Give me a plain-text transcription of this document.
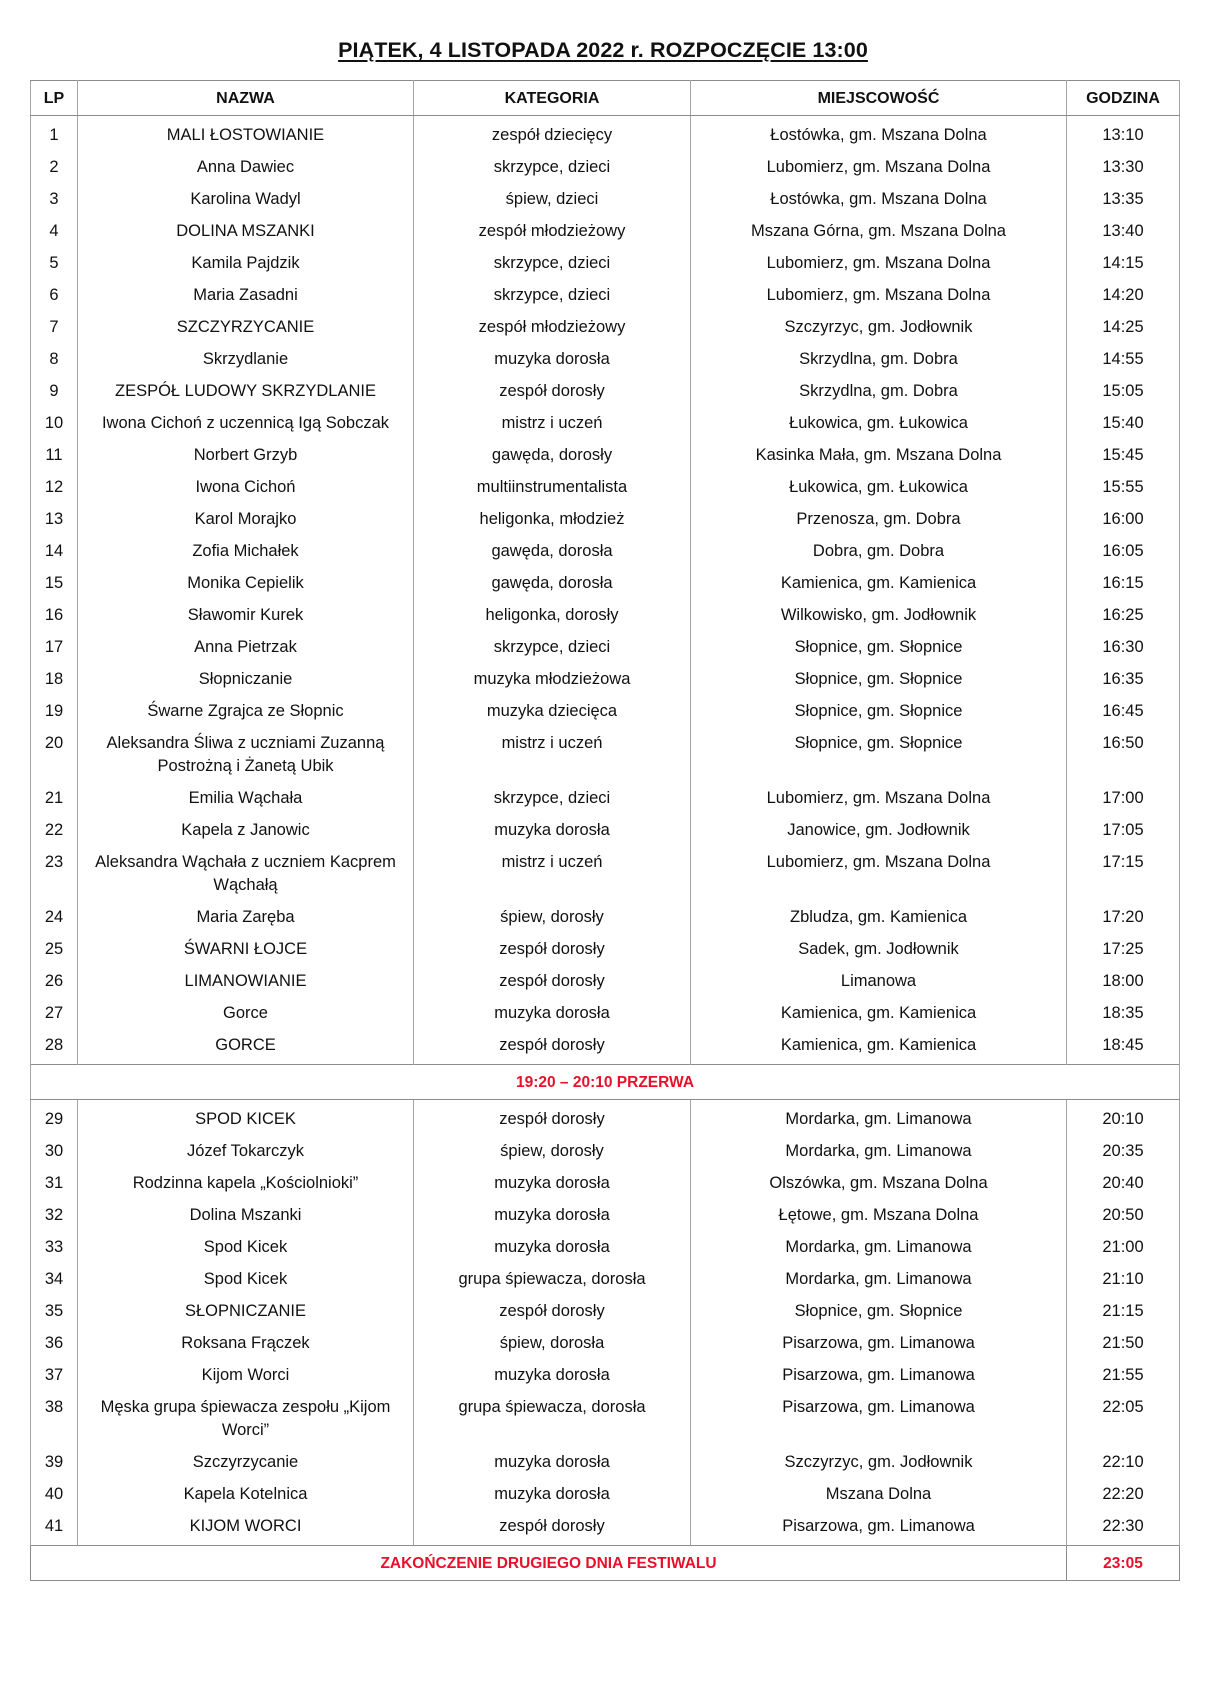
PIĄTEK, 4 LISTOPADA 2022 r. ROZPOCZĘCIE 13:00
LP	NAZWA	KATEGORIA	MIEJSCOWOŚĆ	GODZINA
1	MALI ŁOSTOWIANIE	zespół dziecięcy	Łostówka, gm. Mszana Dolna	13:10
2	Anna Dawiec	skrzypce, dzieci	Lubomierz, gm. Mszana Dolna	13:30
3	Karolina Wadyl	śpiew, dzieci	Łostówka, gm. Mszana Dolna	13:35
4	DOLINA MSZANKI	zespół młodzieżowy	Mszana Górna, gm. Mszana Dolna	13:40
5	Kamila Pajdzik	skrzypce, dzieci	Lubomierz, gm. Mszana Dolna	14:15
6	Maria Zasadni	skrzypce, dzieci	Lubomierz, gm. Mszana Dolna	14:20
7	SZCZYRZYCANIE	zespół młodzieżowy	Szczyrzyc, gm. Jodłownik	14:25
8	Skrzydlanie	muzyka dorosła	Skrzydlna, gm. Dobra	14:55
9	ZESPÓŁ LUDOWY SKRZYDLANIE	zespół dorosły	Skrzydlna, gm. Dobra	15:05
10	Iwona Cichoń z uczennicą Igą Sobczak	mistrz i uczeń	Łukowica, gm. Łukowica	15:40
11	Norbert Grzyb	gawęda, dorosły	Kasinka Mała, gm. Mszana Dolna	15:45
12	Iwona Cichoń	multiinstrumentalista	Łukowica, gm. Łukowica	15:55
13	Karol Morajko	heligonka, młodzież	Przenosza, gm. Dobra	16:00
14	Zofia Michałek	gawęda, dorosła	Dobra, gm. Dobra	16:05
15	Monika Cepielik	gawęda, dorosła	Kamienica, gm. Kamienica	16:15
16	Sławomir Kurek	heligonka, dorosły	Wilkowisko, gm. Jodłownik	16:25
17	Anna Pietrzak	skrzypce, dzieci	Słopnice, gm. Słopnice	16:30
18	Słopniczanie	muzyka młodzieżowa	Słopnice, gm. Słopnice	16:35
19	Śwarne Zgrajca ze Słopnic	muzyka dziecięca	Słopnice, gm. Słopnice	16:45
20	Aleksandra Śliwa z uczniami Zuzanną Postrożną i Żanetą Ubik	mistrz i uczeń	Słopnice, gm. Słopnice	16:50
21	Emilia Wąchała	skrzypce, dzieci	Lubomierz, gm. Mszana Dolna	17:00
22	Kapela z Janowic	muzyka dorosła	Janowice, gm. Jodłownik	17:05
23	Aleksandra Wąchała z uczniem Kacprem Wąchałą	mistrz i uczeń	Lubomierz, gm. Mszana Dolna	17:15
24	Maria Zaręba	śpiew, dorosły	Zbludza, gm. Kamienica	17:20
25	ŚWARNI ŁOJCE	zespół dorosły	Sadek, gm. Jodłownik	17:25
26	LIMANOWIANIE	zespół dorosły	Limanowa	18:00
27	Gorce	muzyka dorosła	Kamienica, gm. Kamienica	18:35
28	GORCE	zespół dorosły	Kamienica, gm. Kamienica	18:45
19:20 – 20:10 PRZERWA				
29	SPOD KICEK	zespół dorosły	Mordarka, gm. Limanowa	20:10
30	Józef Tokarczyk	śpiew, dorosły	Mordarka, gm. Limanowa	20:35
31	Rodzinna kapela „Kościolnioki”	muzyka dorosła	Olszówka, gm. Mszana Dolna	20:40
32	Dolina Mszanki	muzyka dorosła	Łętowe, gm. Mszana Dolna	20:50
33	Spod Kicek	muzyka dorosła	Mordarka, gm. Limanowa	21:00
34	Spod Kicek	grupa śpiewacza, dorosła	Mordarka, gm. Limanowa	21:10
35	SŁOPNICZANIE	zespół dorosły	Słopnice, gm. Słopnice	21:15
36	Roksana Frączek	śpiew, dorosła	Pisarzowa, gm. Limanowa	21:50
37	Kijom Worci	muzyka dorosła	Pisarzowa, gm. Limanowa	21:55
38	Męska grupa śpiewacza zespołu „Kijom Worci”	grupa śpiewacza, dorosła	Pisarzowa, gm. Limanowa	22:05
39	Szczyrzycanie	muzyka dorosła	Szczyrzyc, gm. Jodłownik	22:10
40	Kapela Kotelnica	muzyka dorosła	Mszana Dolna	22:20
41	KIJOM WORCI	zespół dorosły	Pisarzowa, gm. Limanowa	22:30
ZAKOŃCZENIE DRUGIEGO DNIA FESTIWALU				23:05
